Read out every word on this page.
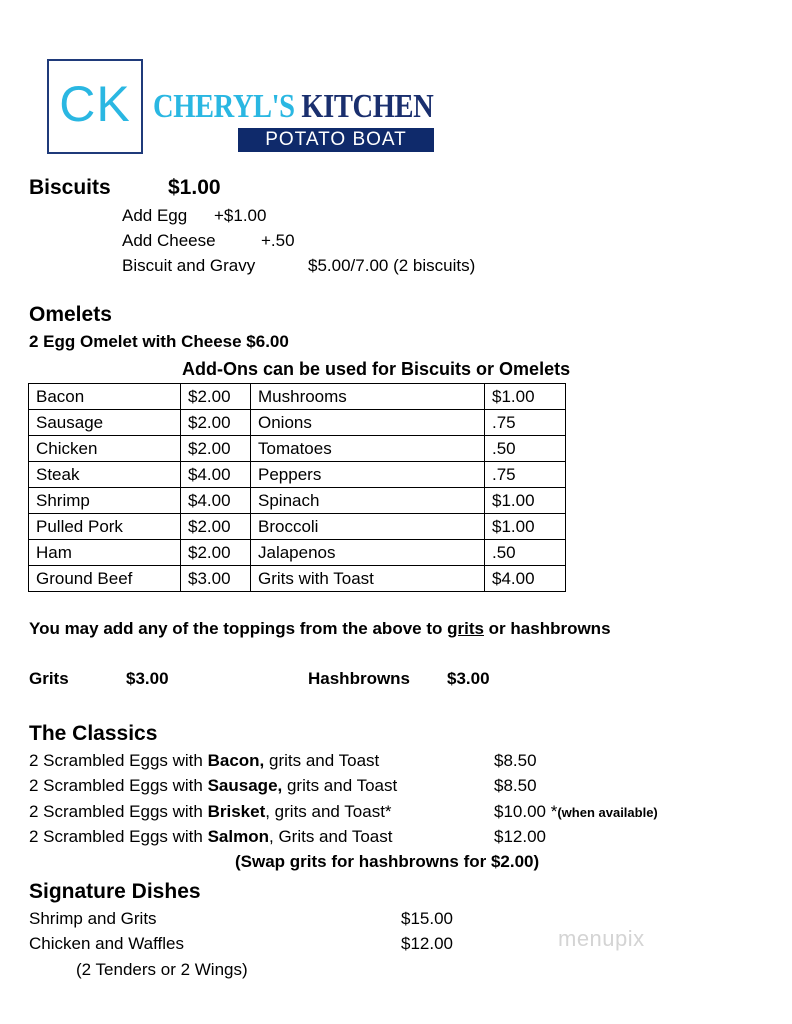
CK CHERYL'S KITCHEN
POTATO BOAT
Biscuits	$1.00
Add Egg +$1.00
Add Cheese	+.50
Biscuit and Gravy	$5.00/7.00 (2 biscuits)
Omelets
2 Egg Omelet with Cheese $6.00
Add-Ons can be used for Biscuits or Omelets
Bacon	$2.00	Mushrooms	$1.00
Sausage	$2.00	Onions	.75
Chicken	$2.00	Tomatoes	.50
Steak	$4.00	Peppers	.75
Shrimp	$4.00	Spinach	$1.00
Pulled Pork	$2.00	Broccoli	$1.00
Ham	$2.00	Jalapenos	.50
Ground Beef	$3.00	Grits with Toast	$4.00
You may add any of the toppings from the above to grits or hashbrowns
Grits	$3.00	Hashbrowns $3.00
The Classics
2 Scrambled Eggs with Bacon, grits and Toast	$8.50
2 Scrambled Eggs with Sausage, grits and Toast	$8.50
2 Scrambled Eggs with Brisket, grits and Toast*	$10.00 *(when available)
2 Scrambled Eggs with Salmon, Grits and Toast	$12.00
(Swap grits for hashbrowns for $2.00)
Signature Dishes
Shrimp and Grits	$15.00
Chicken and Waffles	$12.00
(2 Tenders or 2 Wings)
menupix
